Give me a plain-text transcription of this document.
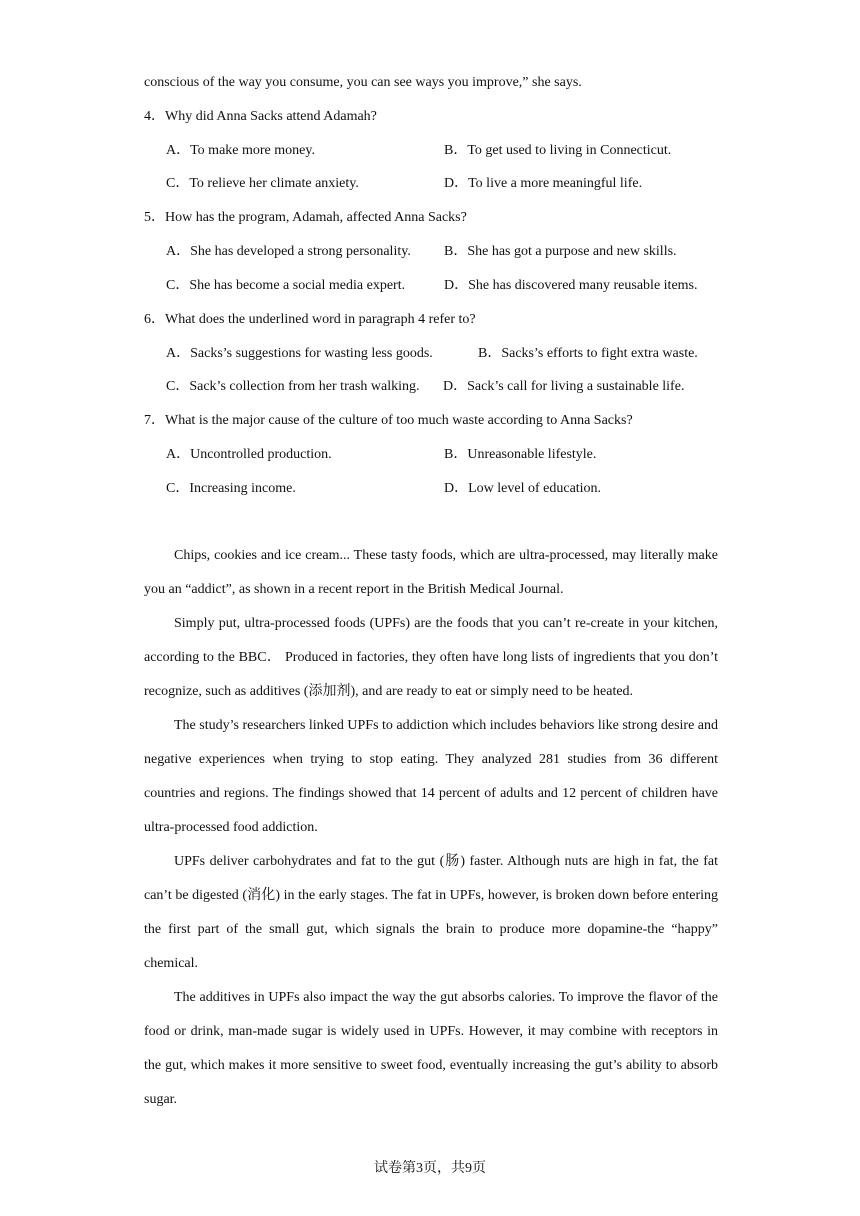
conscious of the way you consume, you can see ways you improve,” she says.
4．Why did Anna Sacks attend Adamah?
A．To make more money.	B．To get used to living in Connecticut.
C．To relieve her climate anxiety.	D．To live a more meaningful life.
5．How has the program, Adamah, affected Anna Sacks?
A．She has developed a strong personality. B．She has got a purpose and new skills.
C．She has become a social media expert.	D．She has discovered many reusable items.
6．What does the underlined word in paragraph 4 refer to?
A．Sacks’s suggestions for wasting less goods.	B．Sacks’s efforts to fight extra waste.
C．Sack’s collection from her trash walking. D．Sack’s call for living a sustainable life.
7．What is the major cause of the culture of too much waste according to Anna Sacks?
A．Uncontrolled production.	B．Unreasonable lifestyle.
C．Increasing income.	D．Low level of education.

Chips, cookies and ice cream... These tasty foods, which are ultra-processed, may literally make you an “addict”, as shown in a recent report in the British Medical Journal.

Simply put, ultra-processed foods (UPFs) are the foods that you can’t re-create in your kitchen, according to the BBC． Produced in factories, they often have long lists of ingredients that you don’t recognize, such as additives (添加剂), and are ready to eat or simply need to be heated.

The study’s researchers linked UPFs to addiction which includes behaviors like strong desire and negative experiences when trying to stop eating. They analyzed 281 studies from 36 different countries and regions. The findings showed that 14 percent of adults and 12 percent of children have ultra-processed food addiction.

UPFs deliver carbohydrates and fat to the gut (肠) faster. Although nuts are high in fat, the fat can’t be digested (消化) in the early stages. The fat in UPFs, however, is broken down before entering the first part of the small gut, which signals the brain to produce more dopamine-the “happy” chemical.

The additives in UPFs also impact the way the gut absorbs calories. To improve the flavor of the food or drink, man-made sugar is widely used in UPFs. However, it may combine with receptors in the gut, which makes it more sensitive to sweet food, eventually increasing the gut’s ability to absorb sugar.

试卷第3页，共9页
